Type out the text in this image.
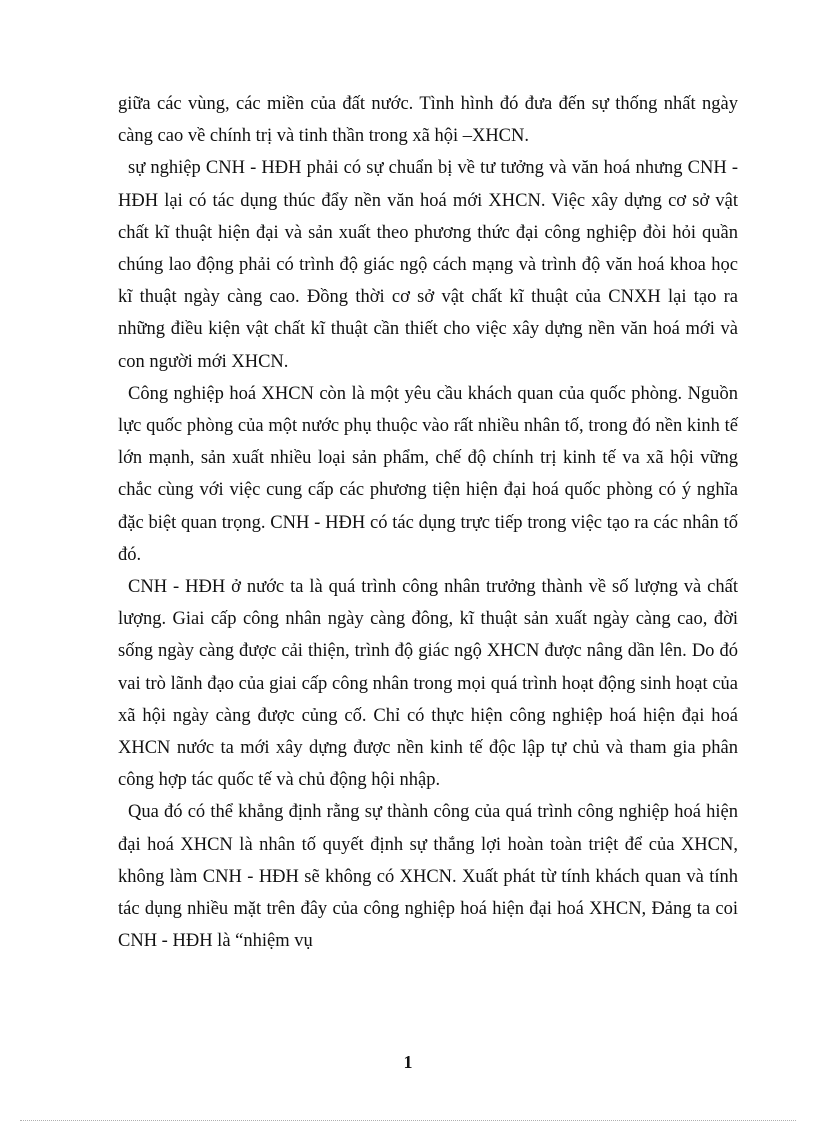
giữa các vùng, các miền của đất nước. Tình hình đó đưa đến sự thống nhất ngày càng cao về chính trị và tinh thần trong xã hội –XHCN.

sự nghiệp CNH - HĐH phải có sự chuẩn bị về tư tưởng và văn hoá nhưng CNH - HĐH lại có tác dụng thúc đẩy nền văn hoá mới XHCN. Việc xây dựng cơ sở vật chất kĩ thuật hiện đại và sản xuất theo phương thức đại công nghiệp đòi hỏi quần chúng lao động phải có trình độ giác ngộ cách mạng và trình độ văn hoá khoa học kĩ thuật ngày càng cao. Đồng thời cơ sở vật chất kĩ thuật của CNXH lại tạo ra những điều kiện vật chất kĩ thuật cần thiết cho việc xây dựng nền văn hoá mới và con người mới XHCN.

Công nghiệp hoá XHCN còn là một yêu cầu khách quan của quốc phòng. Nguồn lực quốc phòng của một nước phụ thuộc vào rất nhiều nhân tố, trong đó nền kinh tế lớn mạnh, sản xuất nhiều loại sản phẩm, chế độ chính trị kinh tế va xã hội vững chắc cùng với việc cung cấp các phương tiện hiện đại hoá quốc phòng có ý nghĩa đặc biệt quan trọng. CNH - HĐH có tác dụng trực tiếp trong việc tạo ra các nhân tố đó.

CNH - HĐH ở nước ta là quá trình công nhân trưởng thành về số lượng và chất lượng. Giai cấp công nhân ngày càng đông, kĩ thuật sản xuất ngày càng cao, đời sống ngày càng được cải thiện, trình độ giác ngộ XHCN được nâng dần lên. Do đó vai trò lãnh đạo của giai cấp công nhân trong mọi quá trình hoạt động sinh hoạt của xã hội ngày càng được củng cố. Chỉ có thực hiện công nghiệp hoá hiện đại hoá XHCN nước ta mới xây dựng được nền kinh tế độc lập tự chủ và tham gia phân công hợp tác quốc tế và chủ động hội nhập.

Qua đó có thể khẳng định rằng sự thành công của quá trình công nghiệp hoá hiện đại hoá XHCN là nhân tố quyết định sự thắng lợi hoàn toàn triệt để của XHCN, không làm CNH - HĐH sẽ không có XHCN. Xuất phát từ tính khách quan và tính tác dụng nhiều mặt trên đây của công nghiệp hoá hiện đại hoá XHCN, Đảng ta coi CNH - HĐH là “nhiệm vụ

1
